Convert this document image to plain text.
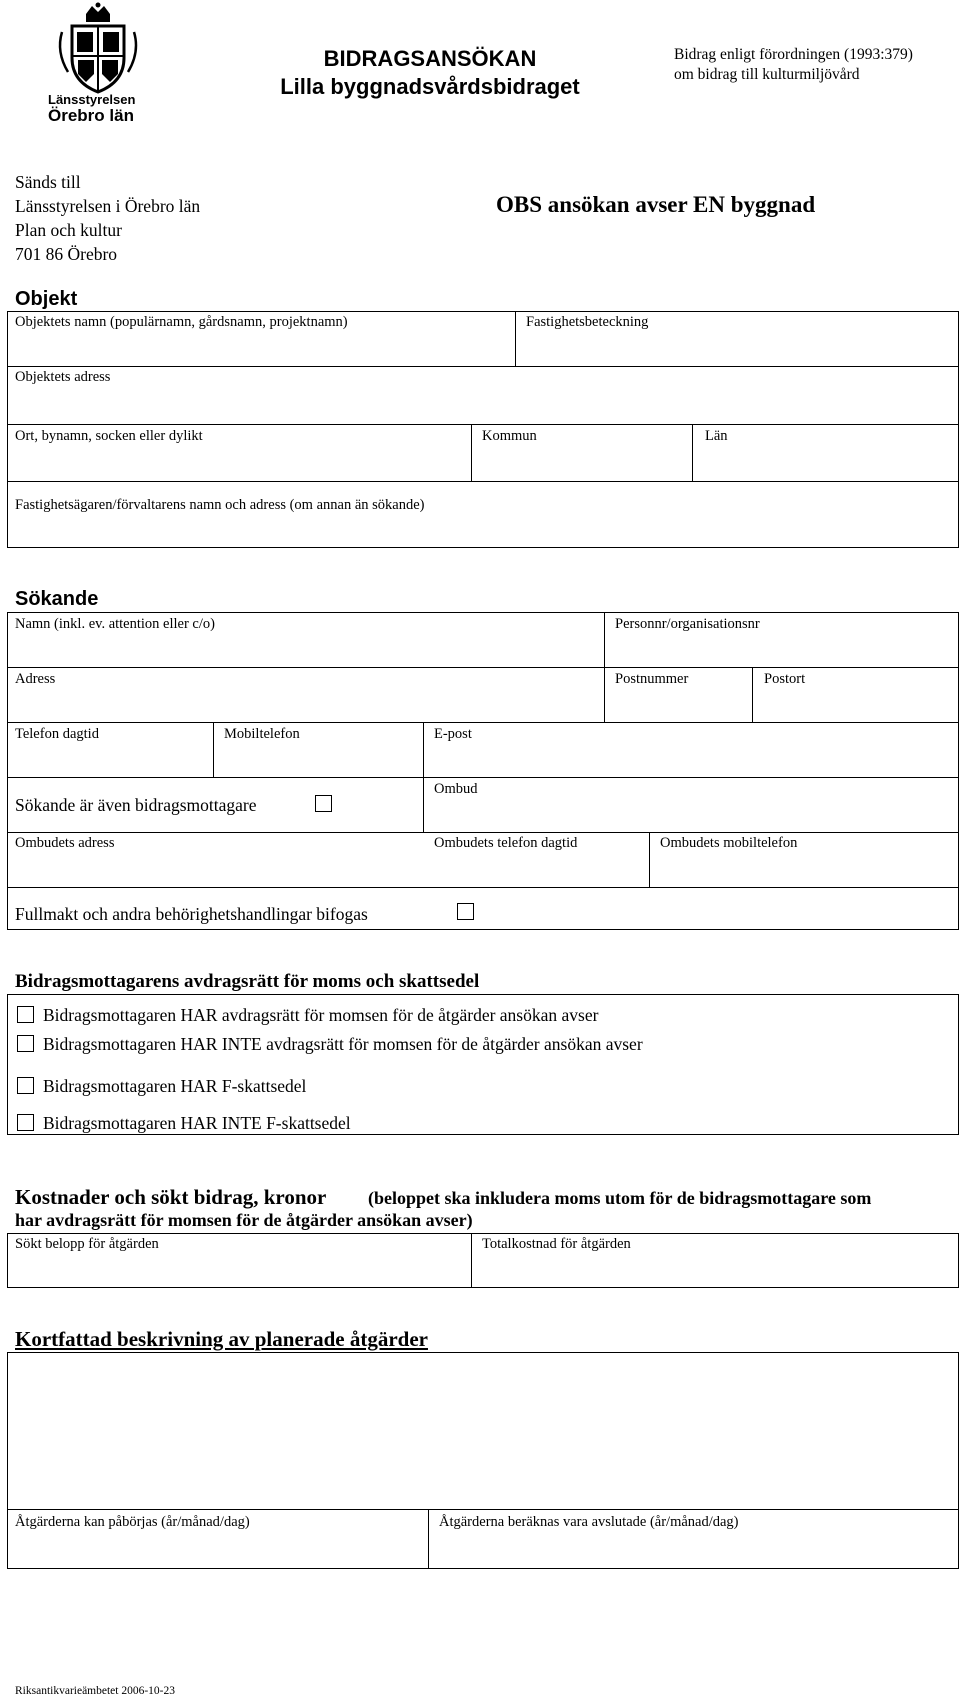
Länsstyrelsen
Örebro län
BIDRAGSANSÖKAN
Lilla byggnadsvårdsbidraget
Bidrag enligt förordningen (1993:379)
om bidrag till kulturmiljövård
Sänds till
Länsstyrelsen i Örebro län
Plan och kultur
701 86 Örebro
OBS ansökan avser EN byggnad
Objekt
Objektets namn (populärnamn, gårdsnamn, projektnamn)	Fastighetsbeteckning
Objektets adress
Ort, bynamn, socken eller dylikt	Kommun	Län
Fastighetsägaren/förvaltarens namn och adress (om annan än sökande)
Sökande
Namn (inkl. ev. attention eller c/o)	Personnr/organisationsnr
Adress	Postnummer	Postort
Telefon dagtid	Mobiltelefon	E-post
Sökande är även bidragsmottagare
Ombud
Ombudets adress	Ombudets telefon dagtid	Ombudets mobiltelefon
Fullmakt och andra behörighetshandlingar bifogas
Bidragsmottagarens avdragsrätt för moms och skattsedel
Bidragsmottagaren HAR avdragsrätt för momsen för de åtgärder ansökan avser
Bidragsmottagaren HAR INTE avdragsrätt för momsen för de åtgärder ansökan avser
Bidragsmottagaren HAR F-skattsedel
Bidragsmottagaren HAR INTE F-skattsedel
Kostnader och sökt bidrag, kronor (beloppet ska inkludera moms utom för de bidragsmottagare som
har avdragsrätt för momsen för de åtgärder ansökan avser)
Sökt belopp för åtgärden	Totalkostnad för åtgärden
Kortfattad beskrivning av planerade åtgärder
Åtgärderna kan påbörjas (år/månad/dag)	Åtgärderna beräknas vara avslutade (år/månad/dag)
Riksantikvarieämbetet 2006-10-23
